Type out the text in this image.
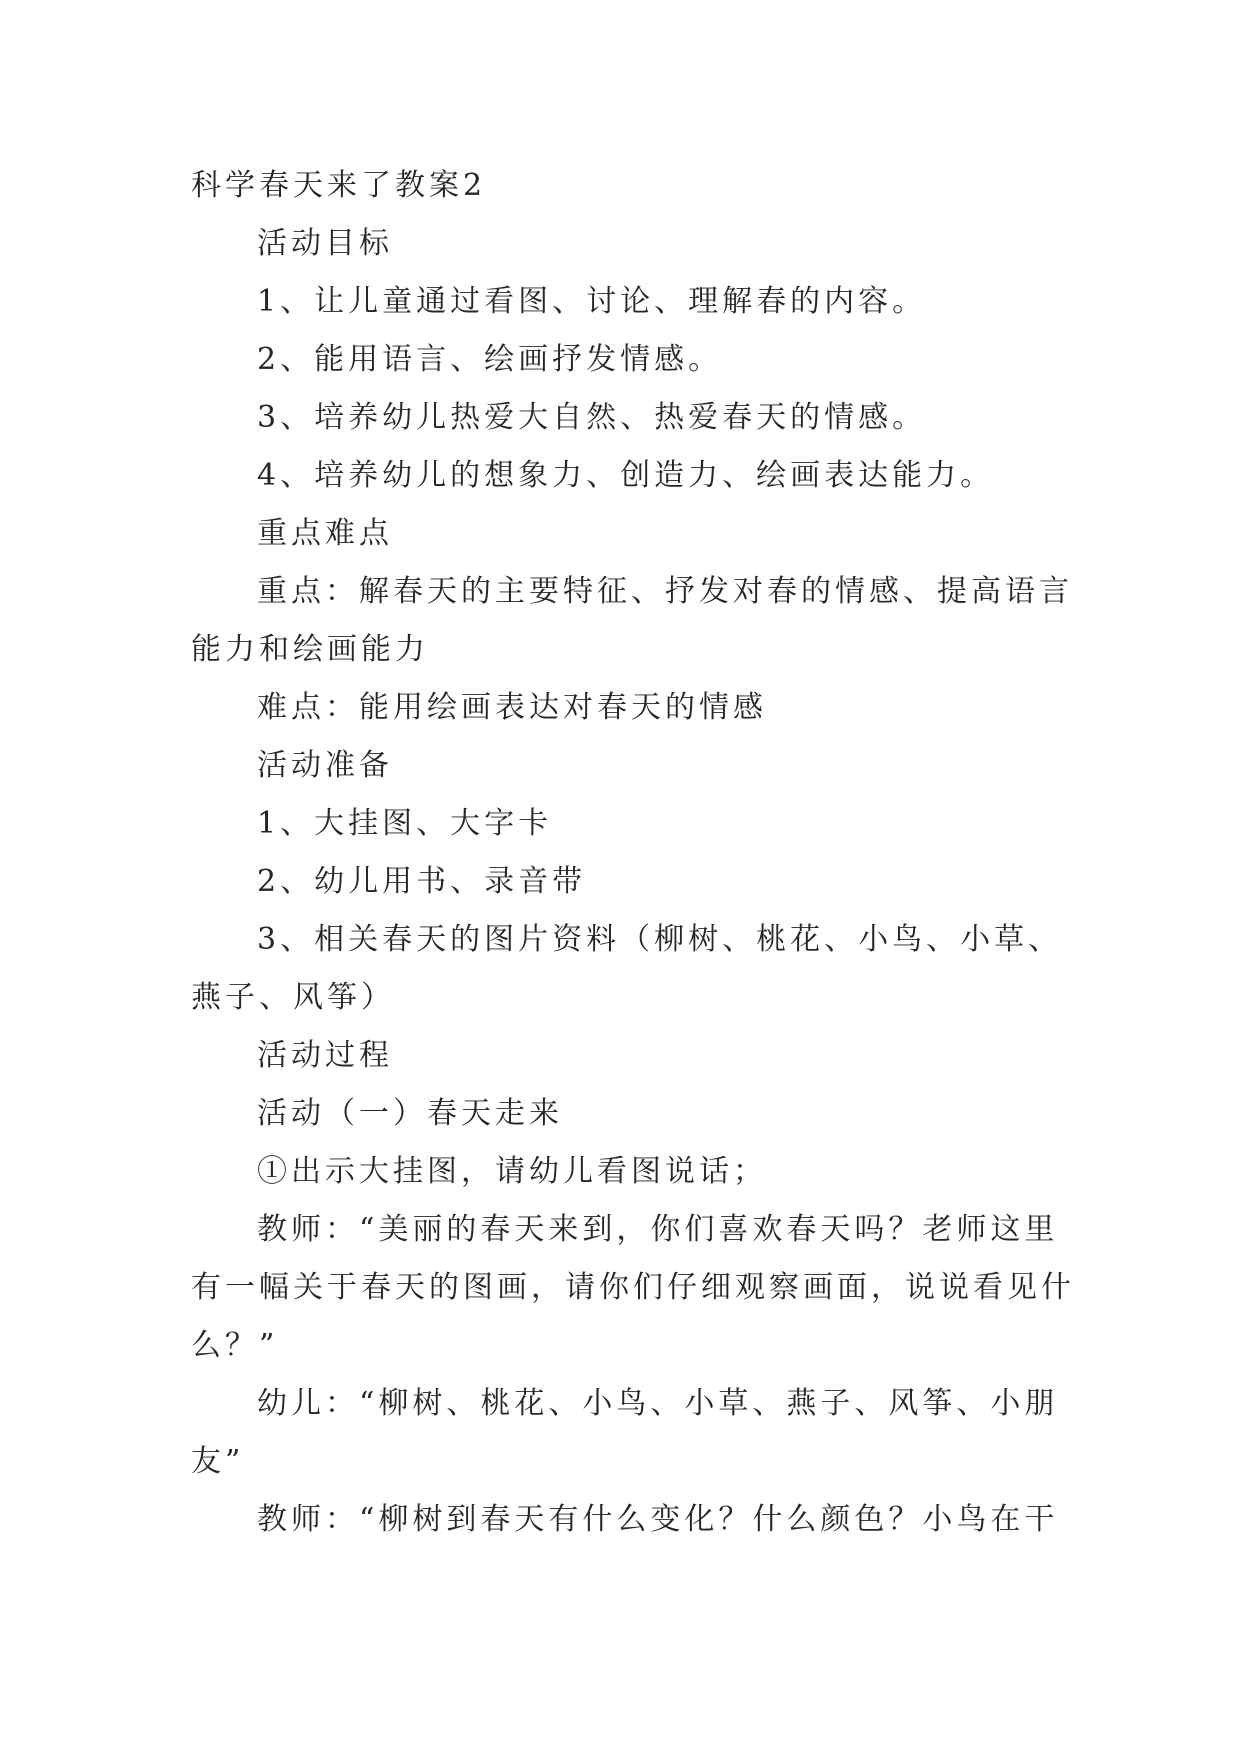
科学春天来了教案2
活动目标
1、让儿童通过看图、讨论、理解春的内容。
2、能用语言、绘画抒发情感。
3、培养幼儿热爱大自然、热爱春天的情感。
4、培养幼儿的想象力、创造力、绘画表达能力。
重点难点
重点：解春天的主要特征、抒发对春的情感、提高语言
能力和绘画能力
难点：能用绘画表达对春天的情感
活动准备
1、大挂图、大字卡
2、幼儿用书、录音带
3、相关春天的图片资料（柳树、桃花、小鸟、小草、
燕子、风筝）
活动过程
活动（一）春天走来
①出示大挂图，请幼儿看图说话；
教师：“美丽的春天来到，你们喜欢春天吗？老师这里
有一幅关于春天的图画，请你们仔细观察画面，说说看见什
么？”
幼儿：“柳树、桃花、小鸟、小草、燕子、风筝、小朋
友”
教师：“柳树到春天有什么变化？什么颜色？小鸟在干
